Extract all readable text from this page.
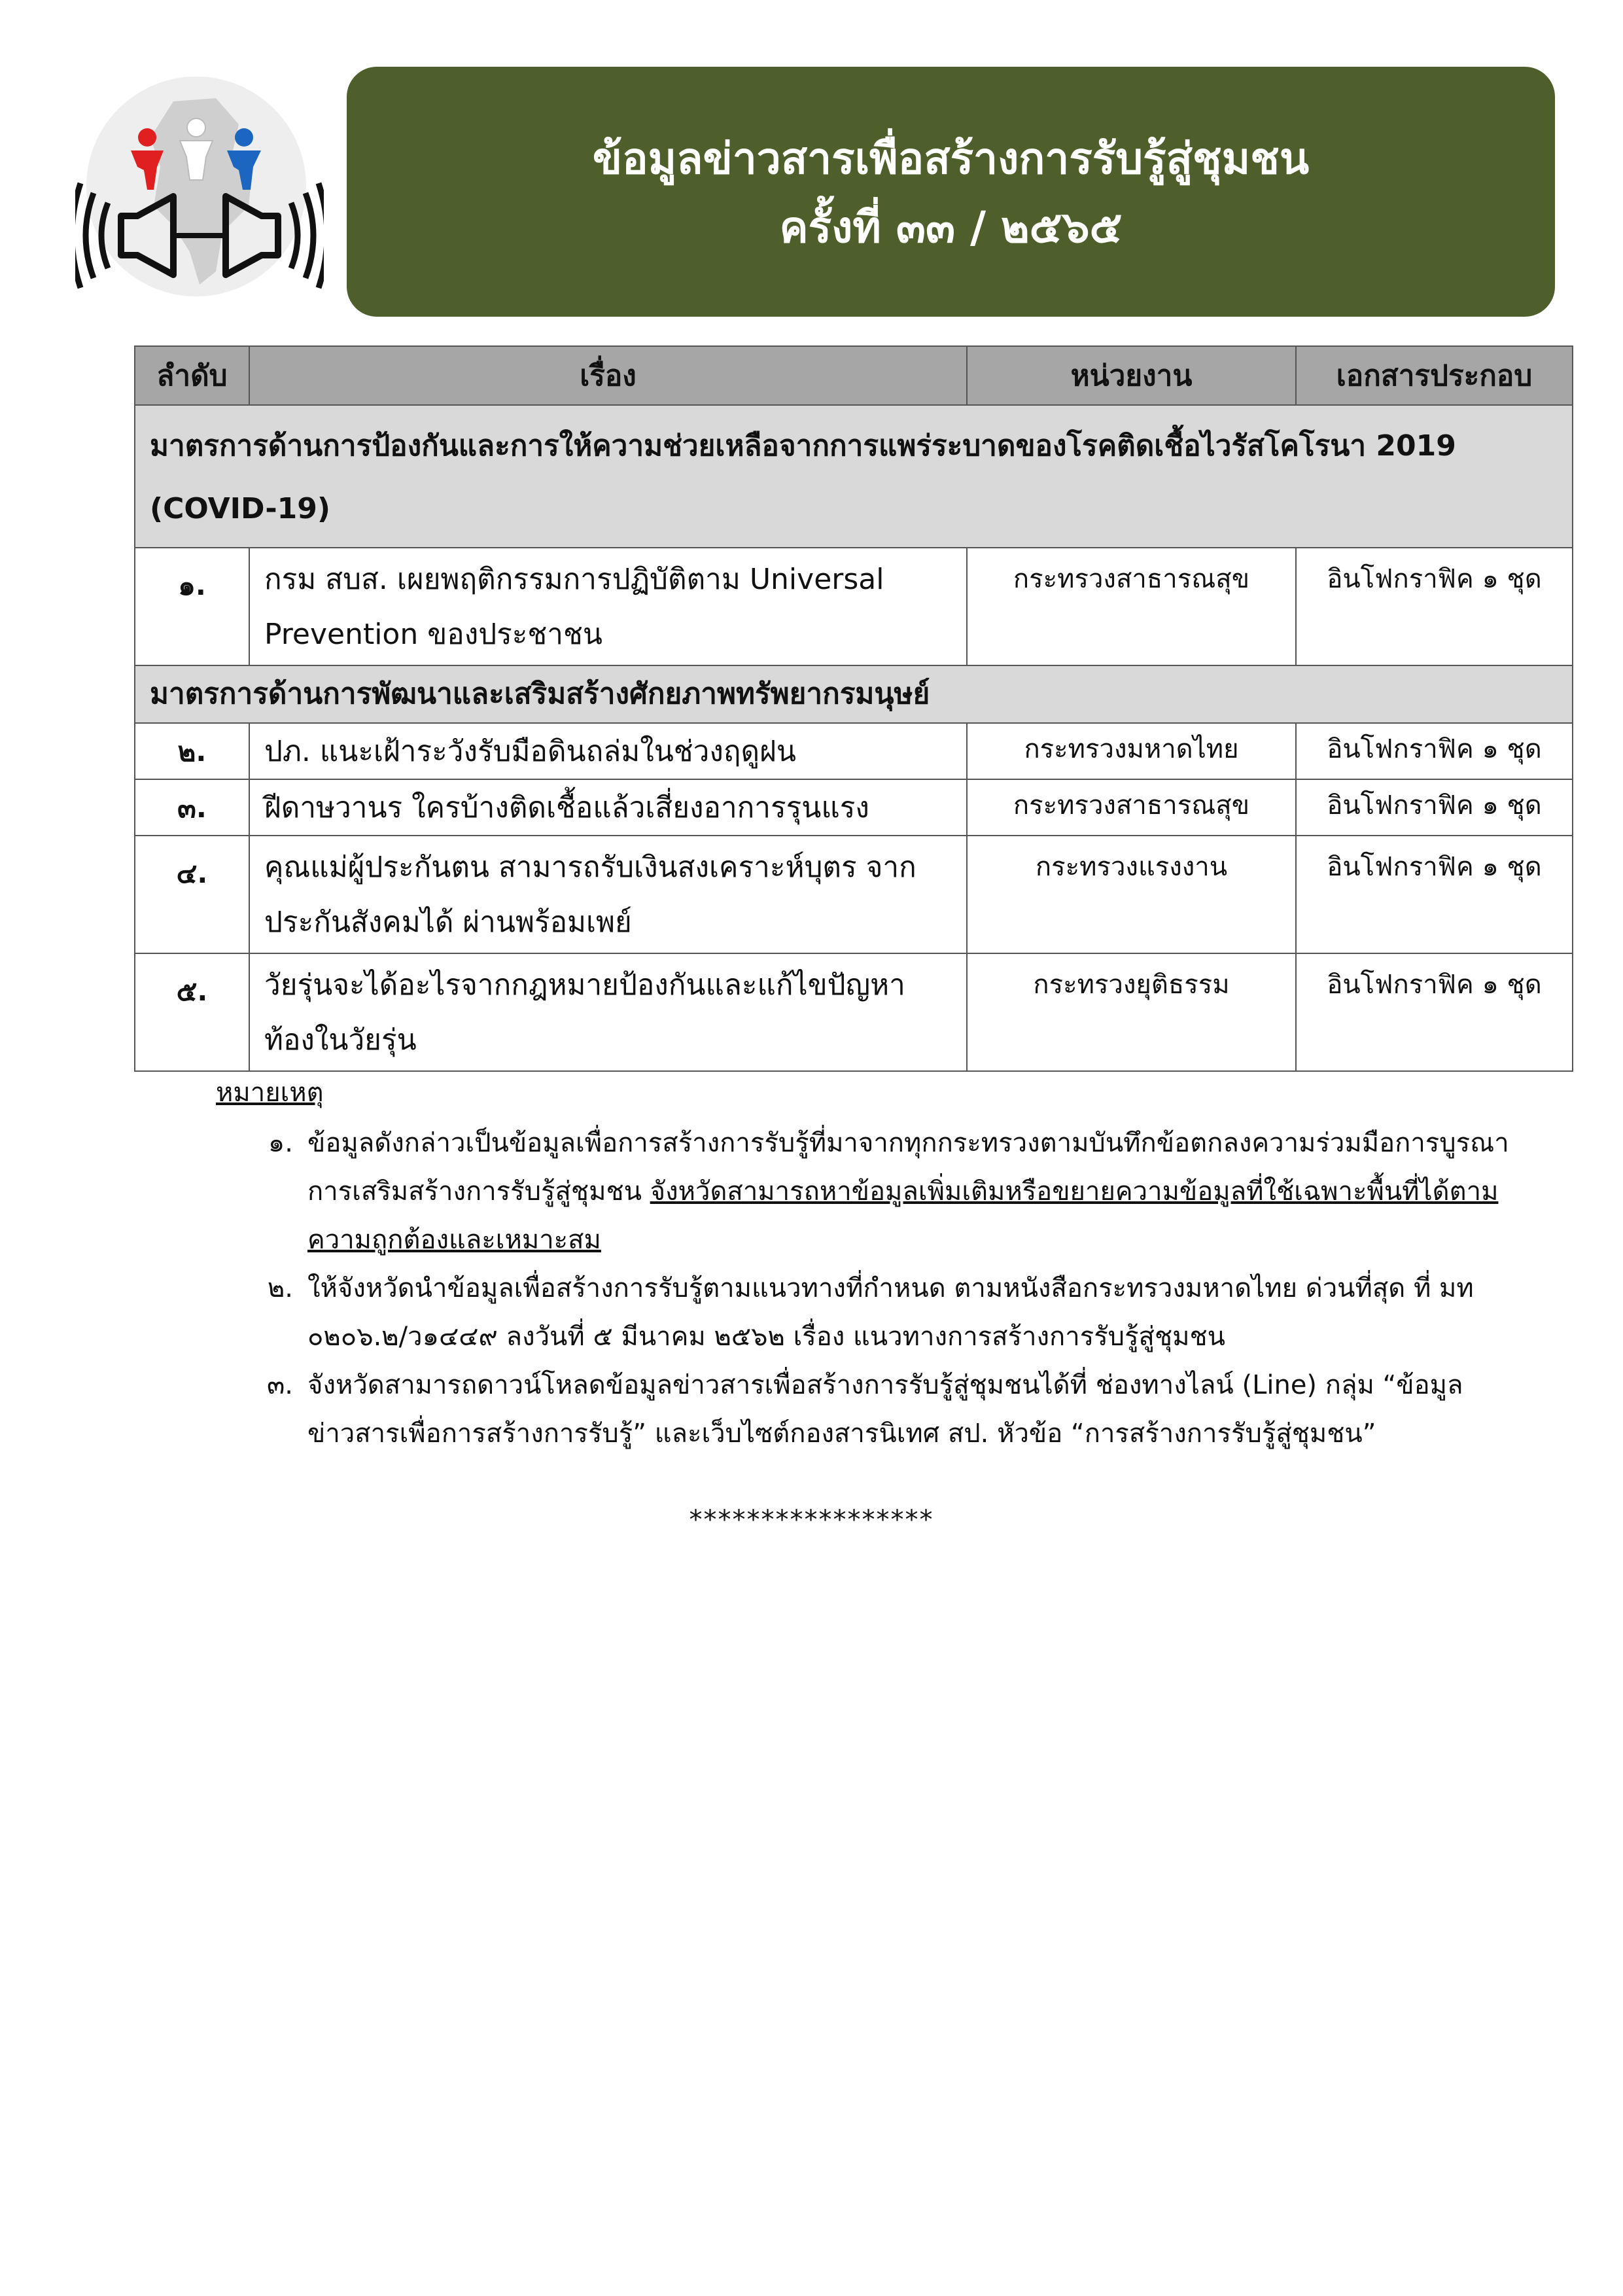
ข้อมูลข่าวสารเพื่อสร้างการรับรู้สู่ชุมชน
ครั้งที่ ๓๓ / ๒๕๖๕
ลำดับ	เรื่อง	หน่วยงาน	เอกสารประกอบ
มาตรการด้านการป้องกันและการให้ความช่วยเหลือจากการแพร่ระบาดของโรคติดเชื้อไวรัสโคโรนา 2019 (COVID-19)			
๑.	กรม สบส. เผยพฤติกรรมการปฏิบัติตาม Universal Prevention ของประชาชน	กระทรวงสาธารณสุข	อินโฟกราฟิค ๑ ชุด
มาตรการด้านการพัฒนาและเสริมสร้างศักยภาพทรัพยากรมนุษย์			
๒.	ปภ. แนะเฝ้าระวังรับมือดินถล่มในช่วงฤดูฝน	กระทรวงมหาดไทย	อินโฟกราฟิค ๑ ชุด
๓.	ฝีดาษวานร ใครบ้างติดเชื้อแล้วเสี่ยงอาการรุนแรง	กระทรวงสาธารณสุข	อินโฟกราฟิค ๑ ชุด
๔.	คุณแม่ผู้ประกันตน สามารถรับเงินสงเคราะห์บุตร จากประกันสังคมได้ ผ่านพร้อมเพย์	กระทรวงแรงงาน	อินโฟกราฟิค ๑ ชุด
๕.	วัยรุ่นจะได้อะไรจากกฎหมายป้องกันและแก้ไขปัญหาท้องในวัยรุ่น	กระทรวงยุติธรรม	อินโฟกราฟิค ๑ ชุด
หมายเหตุ
๑. ข้อมูลดังกล่าวเป็นข้อมูลเพื่อการสร้างการรับรู้ที่มาจากทุกกระทรวงตามบันทึกข้อตกลงความร่วมมือการบูรณาการเสริมสร้างการรับรู้สู่ชุมชน จังหวัดสามารถหาข้อมูลเพิ่มเติมหรือขยายความข้อมูลที่ใช้เฉพาะพื้นที่ได้ตามความถูกต้องและเหมาะสม
๒. ให้จังหวัดนำข้อมูลเพื่อสร้างการรับรู้ตามแนวทางที่กำหนด ตามหนังสือกระทรวงมหาดไทย ด่วนที่สุด ที่ มท ๐๒๐๖.๒/ว๑๔๔๙ ลงวันที่ ๕ มีนาคม ๒๕๖๒ เรื่อง แนวทางการสร้างการรับรู้สู่ชุมชน
๓. จังหวัดสามารถดาวน์โหลดข้อมูลข่าวสารเพื่อสร้างการรับรู้สู่ชุมชนได้ที่ ช่องทางไลน์ (Line) กลุ่ม “ข้อมูลข่าวสารเพื่อการสร้างการรับรู้” และเว็บไซต์กองสารนิเทศ สป. หัวข้อ “การสร้างการรับรู้สู่ชุมชน”
*****************
